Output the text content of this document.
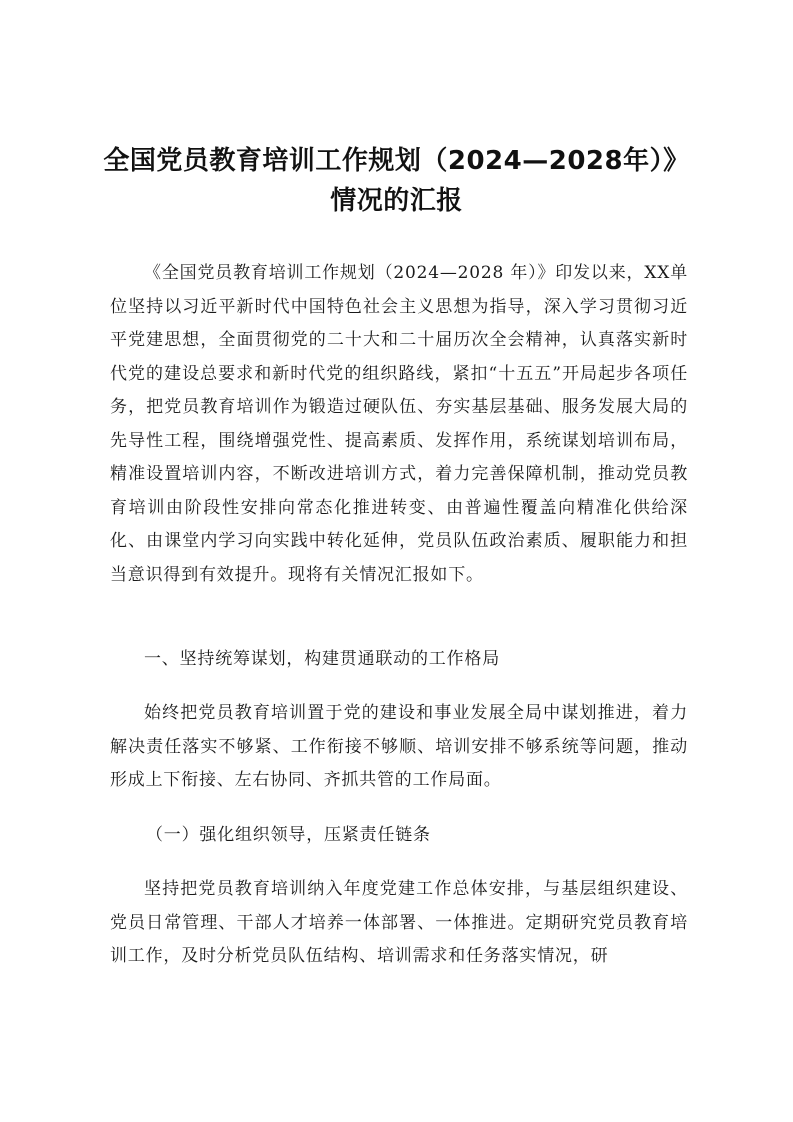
全国党员教育培训工作规划（2024—2028年）》情况的汇报

《全国党员教育培训工作规划（2024—2028 年）》印发以来，XX单位坚持以习近平新时代中国特色社会主义思想为指导，深入学习贯彻习近平党建思想，全面贯彻党的二十大和二十届历次全会精神，认真落实新时代党的建设总要求和新时代党的组织路线，紧扣“十五五”开局起步各项任务，把党员教育培训作为锻造过硬队伍、夯实基层基础、服务发展大局的先导性工程，围绕增强党性、提高素质、发挥作用，系统谋划培训布局，精准设置培训内容，不断改进培训方式，着力完善保障机制，推动党员教育培训由阶段性安排向常态化推进转变、由普遍性覆盖向精准化供给深化、由课堂内学习向实践中转化延伸，党员队伍政治素质、履职能力和担当意识得到有效提升。现将有关情况汇报如下。

一、坚持统筹谋划，构建贯通联动的工作格局

始终把党员教育培训置于党的建设和事业发展全局中谋划推进，着力解决责任落实不够紧、工作衔接不够顺、培训安排不够系统等问题，推动形成上下衔接、左右协同、齐抓共管的工作局面。

（一）强化组织领导，压紧责任链条

坚持把党员教育培训纳入年度党建工作总体安排，与基层组织建设、党员日常管理、干部人才培养一体部署、一体推进。定期研究党员教育培训工作，及时分析党员队伍结构、培训需求和任务落实情况，研
